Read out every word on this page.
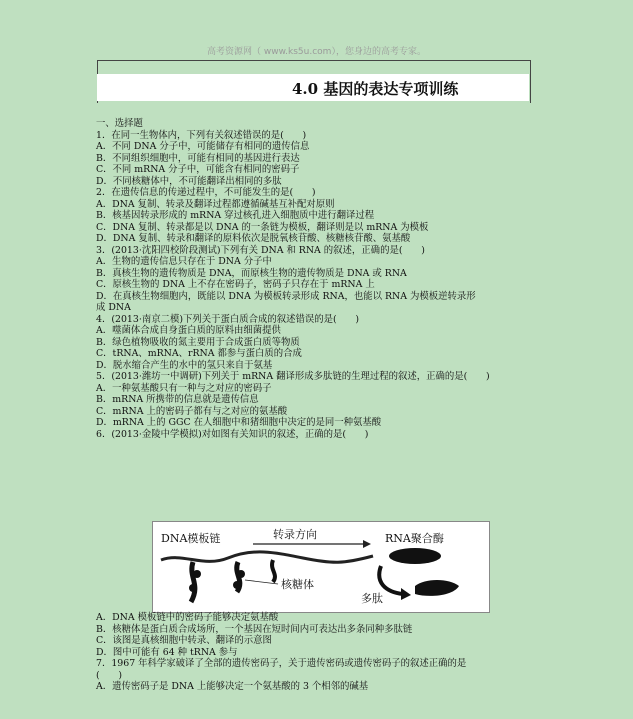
高考资源网（ www.ks5u.com），您身边的高考专家。
4.0 基因的表达专项训练
一、选择题
1．在同一生物体内，下列有关叙述错误的是(　　)
A．不同 DNA 分子中，可能储存有相同的遗传信息
B．不同组织细胞中，可能有相同的基因进行表达
C．不同 mRNA 分子中，可能含有相同的密码子
D．不同核糖体中，不可能翻译出相同的多肽
2．在遗传信息的传递过程中，不可能发生的是(　　)
A．DNA 复制、转录及翻译过程都遵循碱基互补配对原则
B．核基因转录形成的 mRNA 穿过核孔进入细胞质中进行翻译过程
C．DNA 复制、转录都是以 DNA 的一条链为模板，翻译则是以 mRNA 为模板
D．DNA 复制、转录和翻译的原料依次是脱氧核苷酸、核糖核苷酸、氨基酸
3．(2013·沈阳四校阶段测试)下列有关 DNA 和 RNA 的叙述，正确的是(　　)
A．生物的遗传信息只存在于 DNA 分子中
B．真核生物的遗传物质是 DNA，而原核生物的遗传物质是 DNA 或 RNA
C．原核生物的 DNA 上不存在密码子，密码子只存在于 mRNA 上
D．在真核生物细胞内，既能以 DNA 为模板转录形成 RNA，也能以 RNA 为模板逆转录形
成 DNA
4．(2013·南京二模)下列关于蛋白质合成的叙述错误的是(　　)
A．噬菌体合成自身蛋白质的原料由细菌提供
B．绿色植物吸收的氮主要用于合成蛋白质等物质
C．tRNA、mRNA、rRNA 都参与蛋白质的合成
D．脱水缩合产生的水中的氢只来自于氨基
5．(2013·潍坊一中调研)下列关于 mRNA 翻译形成多肽链的生理过程的叙述，正确的是(　　)
A．一种氨基酸只有一种与之对应的密码子
B．mRNA 所携带的信息就是遗传信息
C．mRNA 上的密码子都有与之对应的氨基酸
D．mRNA 上的 GGC 在人细胞中和猪细胞中决定的是同一种氨基酸
6．(2013·金陵中学模拟)对如图有关知识的叙述，正确的是(　　)
DNA模板链	转录方向	RNA聚合酶
核糖体
多肽
A．DNA 模板链中的密码子能够决定氨基酸
B．核糖体是蛋白质合成场所，一个基因在短时间内可表达出多条同种多肽链
C．该图是真核细胞中转录、翻译的示意图
D．图中可能有 64 种 tRNA 参与
7．1967 年科学家破译了全部的遗传密码子，关于遗传密码或遗传密码子的叙述正确的是
(　　)
A．遗传密码子是 DNA 上能够决定一个氨基酸的 3 个相邻的碱基
